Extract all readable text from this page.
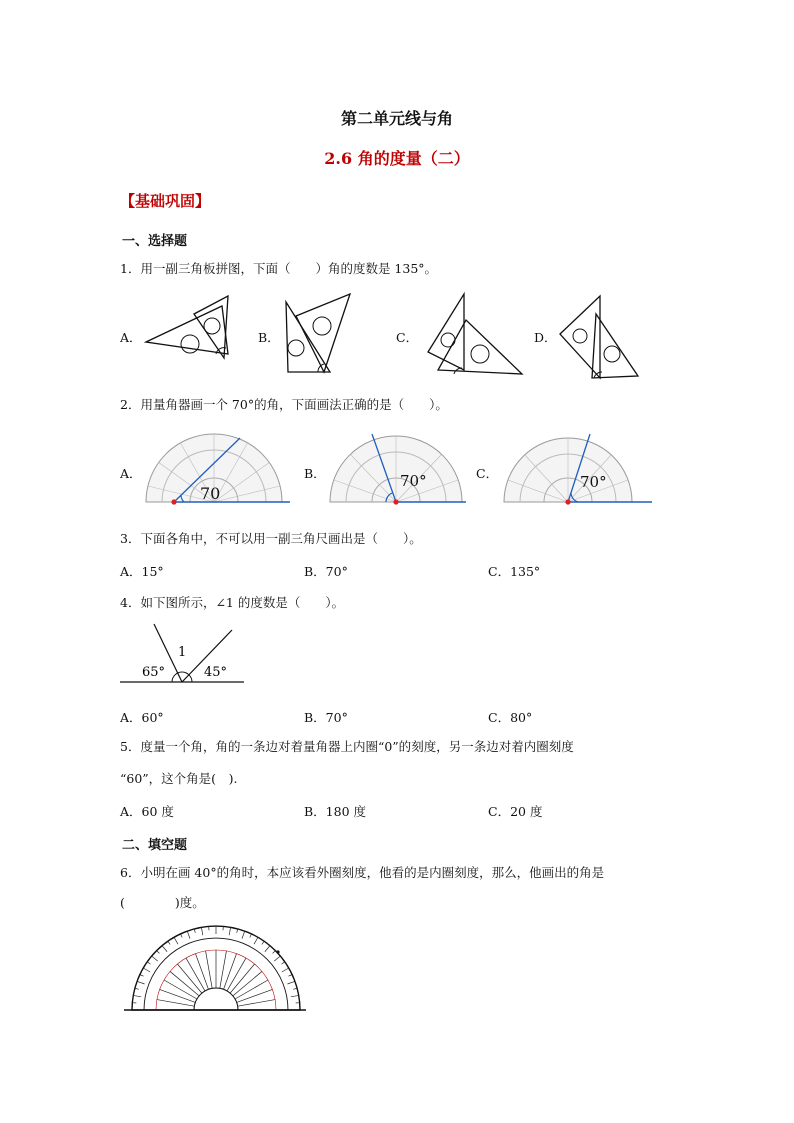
第二单元线与角
2.6 角的度量（二）
【基础巩固】
一、选择题
1．用一副三角板拼图，下面（　　）角的度数是 135°。
A．	B．	C．	D．
2．用量角器画一个 70°的角，下面画法正确的是（　　）。
A．	B．	C．
70
70°	70°
3．下面各角中，不可以用一副三角尺画出是（　　）。
A．15°	B．70°	C．135°
4．如下图所示，∠1 的度数是（　　）。
1
65°	45°
A．60°	B．70°	C．80°
5．度量一个角，角的一条边对着量角器上内圈“0”的刻度，另一条边对着内圈刻度
“60”，这个角是(　).
A．60 度	B．180 度	C．20 度
二、填空题
6．小明在画 40°的角时，本应该看外圈刻度，他看的是内圈刻度，那么，他画出的角是
(　　　　)度。
